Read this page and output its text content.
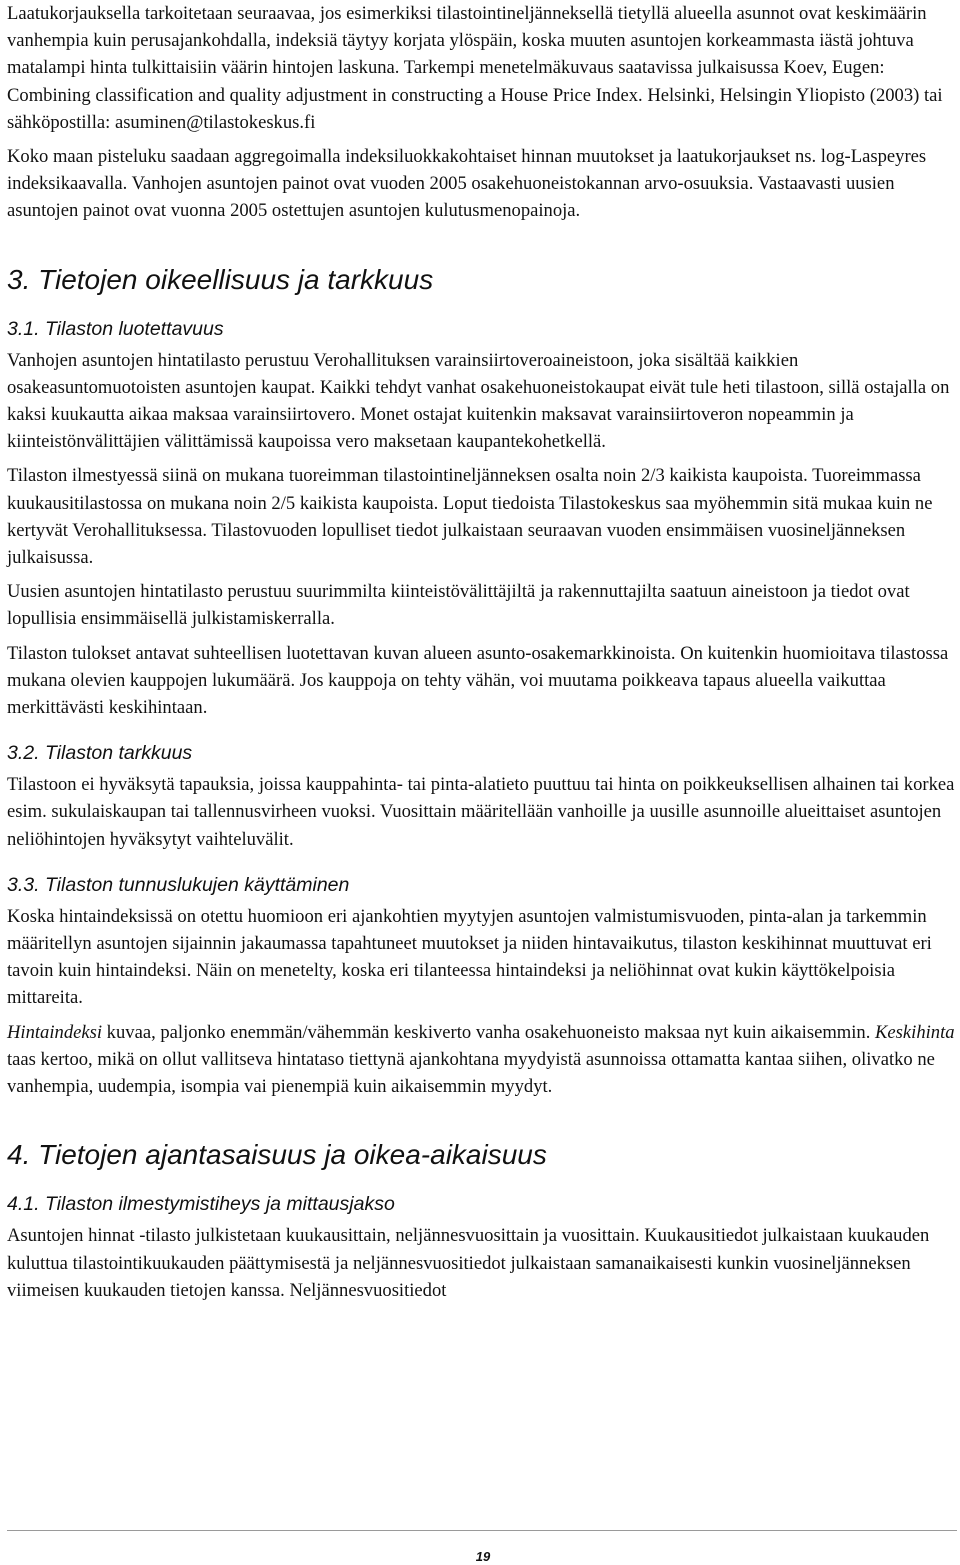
Laatukorjauksella tarkoitetaan seuraavaa, jos esimerkiksi tilastointineljänneksellä tietyllä alueella asunnot ovat keskimäärin vanhempia kuin perusajankohdalla, indeksiä täytyy korjata ylöspäin, koska muuten asuntojen korkeammasta iästä johtuva matalampi hinta tulkittaisiin väärin hintojen laskuna. Tarkempi menetelmäkuvaus saatavissa julkaisussa Koev, Eugen: Combining classification and quality adjustment in constructing a House Price Index. Helsinki, Helsingin Yliopisto (2003) tai sähköpostilla: asuminen@tilastokeskus.fi

Koko maan pisteluku saadaan aggregoimalla indeksiluokkakohtaiset hinnan muutokset ja laatukorjaukset ns. log-Laspeyres indeksikaavalla. Vanhojen asuntojen painot ovat vuoden 2005 osakehuoneistokannan arvo-osuuksia. Vastaavasti uusien asuntojen painot ovat vuonna 2005 ostettujen asuntojen kulutusmenopainoja.

3. Tietojen oikeellisuus ja tarkkuus
3.1. Tilaston luotettavuus

Vanhojen asuntojen hintatilasto perustuu Verohallituksen varainsiirtoveroaineistoon, joka sisältää kaikkien osakeasuntomuotoisten asuntojen kaupat. Kaikki tehdyt vanhat osakehuoneistokaupat eivät tule heti tilastoon, sillä ostajalla on kaksi kuukautta aikaa maksaa varainsiirtovero. Monet ostajat kuitenkin maksavat varainsiirtoveron nopeammin ja kiinteistönvälittäjien välittämissä kaupoissa vero maksetaan kaupantekohetkellä.

Tilaston ilmestyessä siinä on mukana tuoreimman tilastointineljänneksen osalta noin 2/3 kaikista kaupoista. Tuoreimmassa kuukausitilastossa on mukana noin 2/5 kaikista kaupoista. Loput tiedoista Tilastokeskus saa myöhemmin sitä mukaa kuin ne kertyvät Verohallituksessa. Tilastovuoden lopulliset tiedot julkaistaan seuraavan vuoden ensimmäisen vuosineljänneksen julkaisussa.

Uusien asuntojen hintatilasto perustuu suurimmilta kiinteistövälittäjiltä ja rakennuttajilta saatuun aineistoon ja tiedot ovat lopullisia ensimmäisellä julkistamiskerralla.

Tilaston tulokset antavat suhteellisen luotettavan kuvan alueen asunto-osakemarkkinoista. On kuitenkin huomioitava tilastossa mukana olevien kauppojen lukumäärä. Jos kauppoja on tehty vähän, voi muutama poikkeava tapaus alueella vaikuttaa merkittävästi keskihintaan.

3.2. Tilaston tarkkuus

Tilastoon ei hyväksytä tapauksia, joissa kauppahinta- tai pinta-alatieto puuttuu tai hinta on poikkeuksellisen alhainen tai korkea esim. sukulaiskaupan tai tallennusvirheen vuoksi. Vuosittain määritellään vanhoille ja uusille asunnoille alueittaiset asuntojen neliöhintojen hyväksytyt vaihteluvälit.

3.3. Tilaston tunnuslukujen käyttäminen

Koska hintaindeksissä on otettu huomioon eri ajankohtien myytyjen asuntojen valmistumisvuoden, pinta-alan ja tarkemmin määritellyn asuntojen sijainnin jakaumassa tapahtuneet muutokset ja niiden hintavaikutus, tilaston keskihinnat muuttuvat eri tavoin kuin hintaindeksi. Näin on menetelty, koska eri tilanteessa hintaindeksi ja neliöhinnat ovat kukin käyttökelpoisia mittareita.

Hintaindeksi kuvaa, paljonko enemmän/vähemmän keskiverto vanha osakehuoneisto maksaa nyt kuin aikaisemmin. Keskihinta taas kertoo, mikä on ollut vallitseva hintataso tiettynä ajankohtana myydyistä asunnoissa ottamatta kantaa siihen, olivatko ne vanhempia, uudempia, isompia vai pienempiä kuin aikaisemmin myydyt.

4. Tietojen ajantasaisuus ja oikea-aikaisuus
4.1. Tilaston ilmestymistiheys ja mittausjakso

Asuntojen hinnat -tilasto julkistetaan kuukausittain, neljännesvuosittain ja vuosittain. Kuukausitiedot julkaistaan kuukauden kuluttua tilastointikuukauden päättymisestä ja neljännesvuositiedot julkaistaan samanaikaisesti kunkin vuosineljänneksen viimeisen kuukauden tietojen kanssa. Neljännesvuositiedot

19
